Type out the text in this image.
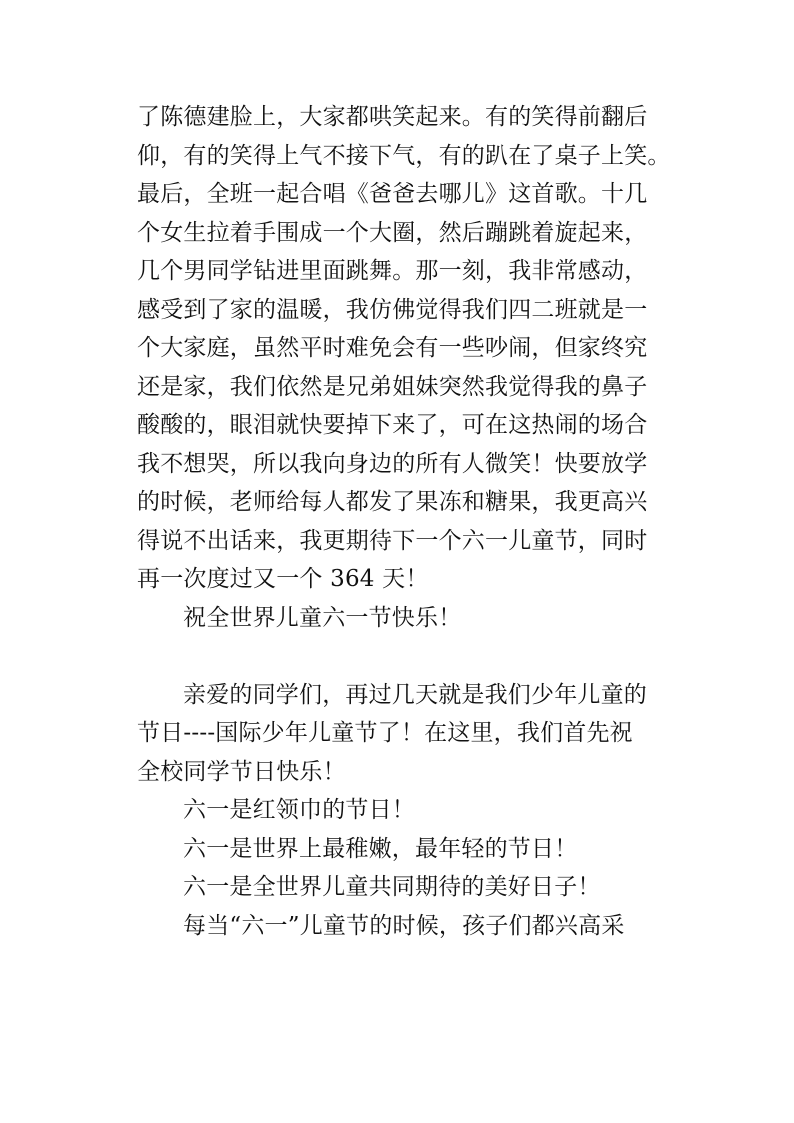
了陈德建脸上，大家都哄笑起来。有的笑得前翻后
仰，有的笑得上气不接下气，有的趴在了桌子上笑。
最后，全班一起合唱《爸爸去哪儿》这首歌。十几
个女生拉着手围成一个大圈，然后蹦跳着旋起来，
几个男同学钻进里面跳舞。那一刻，我非常感动，
感受到了家的温暖，我仿佛觉得我们四二班就是一
个大家庭，虽然平时难免会有一些吵闹，但家终究
还是家，我们依然是兄弟姐妹突然我觉得我的鼻子
酸酸的，眼泪就快要掉下来了，可在这热闹的场合
我不想哭，所以我向身边的所有人微笑！快要放学
的时候，老师给每人都发了果冻和糖果，我更高兴
得说不出话来，我更期待下一个六一儿童节，同时
再一次度过又一个 364 天！
祝全世界儿童六一节快乐！
亲爱的同学们，再过几天就是我们少年儿童的
节日----国际少年儿童节了！在这里，我们首先祝
全校同学节日快乐！
六一是红领巾的节日！
六一是世界上最稚嫩，最年轻的节日！
六一是全世界儿童共同期待的美好日子！
每当“六一”儿童节的时候，孩子们都兴高采
